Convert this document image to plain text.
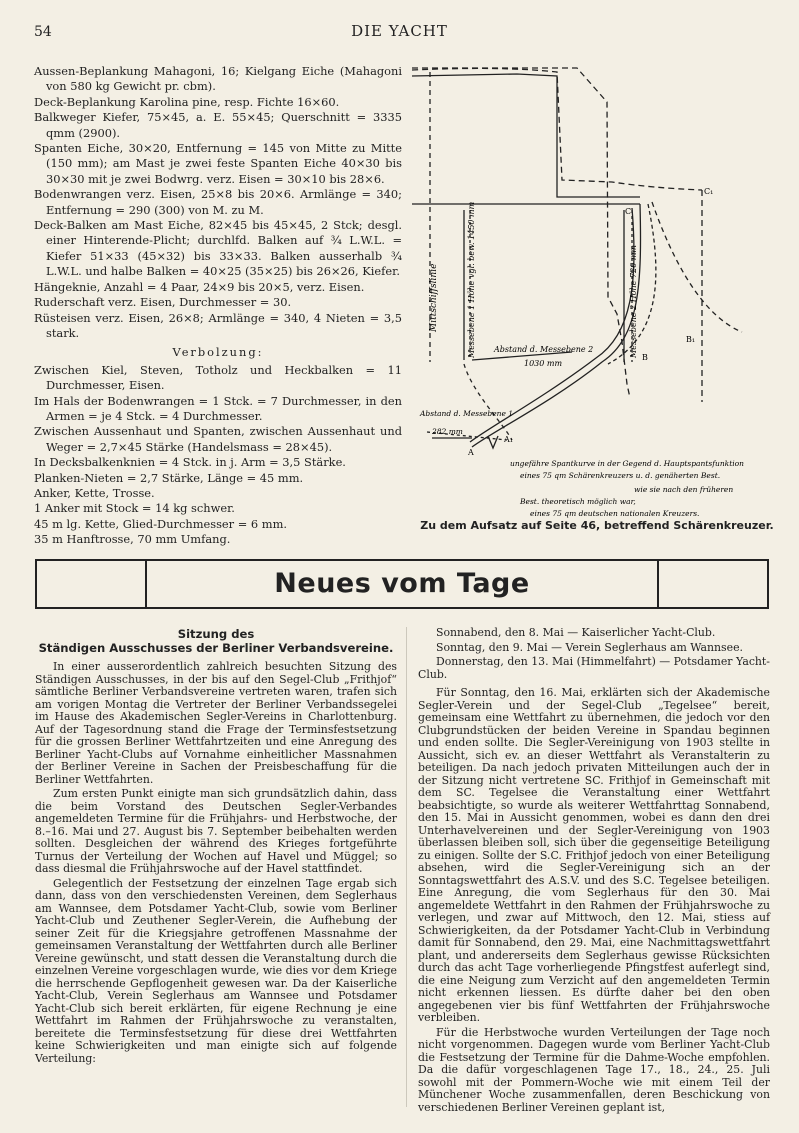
54	DIE YACHT

Aussen-Beplankung Mahagoni, 16; Kielgang Eiche (Mahagoni von 580 kg Gewicht pr. cbm).

Deck-Beplankung Karolina pine, resp. Fichte 16×60.

Balkweger Kiefer, 75×45, a. E. 55×45; Querschnitt = 3335 qmm (2900).

Spanten Eiche, 30×20, Entfernung = 145 von Mitte zu Mitte (150 mm); am Mast je zwei feste Spanten Eiche 40×30 bis 30×30 mit je zwei Bodwrg. verz. Eisen = 30×10 bis 28×6.

Bodenwrangen verz. Eisen, 25×8 bis 20×6. Armlänge = 340; Entfernung = 290 (300) von M. zu M.

Deck-Balken am Mast Eiche, 82×45 bis 45×45, 2 Stck; desgl. einer Hinterende-Plicht; durchlfd. Balken auf ¾ L.W.L. = Kiefer 51×33 (45×32) bis 33×33. Balken ausserhalb ¾ L.W.L. und halbe Balken = 40×25 (35×25) bis 26×26, Kiefer.

Hängeknie, Anzahl = 4 Paar, 24×9 bis 20×5, verz. Eisen.

Ruderschaft verz. Eisen, Durchmesser = 30.

Rüsteisen verz. Eisen, 26×8; Armlänge = 340, 4 Nieten = 3,5 stark.

Verbolzung:

Zwischen Kiel, Steven, Totholz und Heckbalken = 11 Durchmesser, Eisen.

Im Hals der Bodenwrangen = 1 Stck. = 7 Durchmesser, in den Armen = je 4 Stck. = 4 Durchmesser.

Zwischen Aussenhaut und Spanten, zwischen Aussenhaut und Weger = 2,7×45 Stärke (Handelsmass = 28×45).

In Decksbalkenknien = 4 Stck. in j. Arm = 3,5 Stärke.

Planken-Nieten = 2,7 Stärke, Länge = 45 mm.

Anker, Kette, Trosse.

1 Anker mit Stock = 14 kg schwer.

45 m lg. Kette, Glied-Durchmesser = 6 mm.

35 m Hanftrosse, 70 mm Umfang.

Mittschiffslinie	Messebene 1 Höhe vgl. bew. 1450 mm	Messebene 2 Höhe 720 mm
Abstand d. Messebene 2
1030 mm
Abstand d. Messebene 1
282 mm
A
B
B₁
C
C₁
A₁
ungefähre Spantkurve in der Gegend d. Hauptspantsfunktion
eines 75 qm Schärenkreuzers u. d. genäherten Best.
wie sie nach den früheren
Best. theoretisch möglich war,
eines 75 qm deutschen nationalen Kreuzers.
Zu dem Aufsatz auf Seite 46, betreffend Schärenkreuzer.
Neues vom Tage
Sitzung des
Ständigen Ausschusses der Berliner Verbandsvereine.

In einer ausserordentlich zahlreich besuchten Sitzung des Ständigen Ausschusses, in der bis auf den Segel-Club „Frithjof“ sämtliche Berliner Verbandsvereine vertreten waren, trafen sich am vorigen Montag die Vertreter der Berliner Verbandssegelei im Hause des Akademischen Segler-Vereins in Charlottenburg. Auf der Tagesordnung stand die Frage der Terminsfestsetzung für die grossen Berliner Wettfahrtzeiten und eine Anregung des Berliner Yacht-Clubs auf Vornahme einheitlicher Massnahmen der Berliner Vereine in Sachen der Preisbeschaffung für die Berliner Wettfahrten.

Zum ersten Punkt einigte man sich grundsätzlich dahin, dass die beim Vorstand des Deutschen Segler-Verbandes angemeldeten Termine für die Frühjahrs- und Herbstwoche, der 8.–16. Mai und 27. August bis 7. September beibehalten werden sollten. Desgleichen der während des Krieges fortgeführte Turnus der Verteilung der Wochen auf Havel und Müggel; so dass diesmal die Frühjahrswoche auf der Havel stattfindet.

Gelegentlich der Festsetzung der einzelnen Tage ergab sich dann, dass von den verschiedensten Vereinen, dem Seglerhaus am Wannsee, dem Potsdamer Yacht-Club, sowie vom Berliner Yacht-Club und Zeuthener Segler-Verein, die Aufhebung der seiner Zeit für die Kriegsjahre getroffenen Massnahme der gemeinsamen Veranstaltung der Wettfahrten durch alle Berliner Vereine gewünscht, und statt dessen die Veranstaltung durch die einzelnen Vereine vorgeschlagen wurde, wie dies vor dem Kriege die herrschende Gepflogenheit gewesen war. Da der Kaiserliche Yacht-Club, Verein Seglerhaus am Wannsee und Potsdamer Yacht-Club sich bereit erklärten, für eigene Rechnung je eine Wettfahrt im Rahmen der Frühjahrswoche zu veranstalten, bereitete die Terminsfestsetzung für diese drei Wettfahrten keine Schwierigkeiten und man einigte sich auf folgende Verteilung:

Sonnabend, den 8. Mai — Kaiserlicher Yacht-Club.

Sonntag, den 9. Mai — Verein Seglerhaus am Wannsee.

Donnerstag, den 13. Mai (Himmelfahrt) — Potsdamer Yacht-Club.

Für Sonntag, den 16. Mai, erklärten sich der Akademische Segler-Verein und der Segel-Club „Tegelsee“ bereit, gemeinsam eine Wettfahrt zu übernehmen, die jedoch vor den Clubgrundstücken der beiden Vereine in Spandau beginnen und enden sollte. Die Segler-Vereinigung von 1903 stellte in Aussicht, sich ev. an dieser Wettfahrt als Veranstalterin zu beteiligen. Da nach jedoch privaten Mitteilungen auch der in der Sitzung nicht vertretene SC. Frithjof in Gemeinschaft mit dem SC. Tegelsee die Veranstaltung einer Wettfahrt beabsichtigte, so wurde als weiterer Wettfahrttag Sonnabend, den 15. Mai in Aussicht genommen, wobei es dann den drei Unterhavelvereinen und der Segler-Vereinigung von 1903 überlassen bleiben soll, sich über die gegenseitige Beteiligung zu einigen. Sollte der S.C. Frithjof jedoch von einer Beteiligung absehen, wird die Segler-Vereinigung sich an der Sonntagswettfahrt des A.S.V. und des S.C. Tegelsee beteiligen. Eine Anregung, die vom Seglerhaus für den 30. Mai angemeldete Wettfahrt in den Rahmen der Frühjahrswoche zu verlegen, und zwar auf Mittwoch, den 12. Mai, stiess auf Schwierigkeiten, da der Potsdamer Yacht-Club in Verbindung damit für Sonnabend, den 29. Mai, eine Nachmittagswettfahrt plant, und andererseits dem Seglerhaus gewisse Rücksichten durch das acht Tage vorherliegende Pfingstfest auferlegt sind, die eine Neigung zum Verzicht auf den angemeldeten Termin nicht erkennen liessen. Es dürfte daher bei den oben angegebenen vier bis fünf Wettfahrten der Frühjahrswoche verbleiben.

Für die Herbstwoche wurden Verteilungen der Tage noch nicht vorgenommen. Dagegen wurde vom Berliner Yacht-Club die Festsetzung der Termine für die Dahme-Woche empfohlen. Da die dafür vorgeschlagenen Tage 17., 18., 24., 25. Juli sowohl mit der Pommern-Woche wie mit einem Teil der Münchener Woche zusammenfallen, deren Beschickung von verschiedenen Berliner Vereinen geplant ist,
